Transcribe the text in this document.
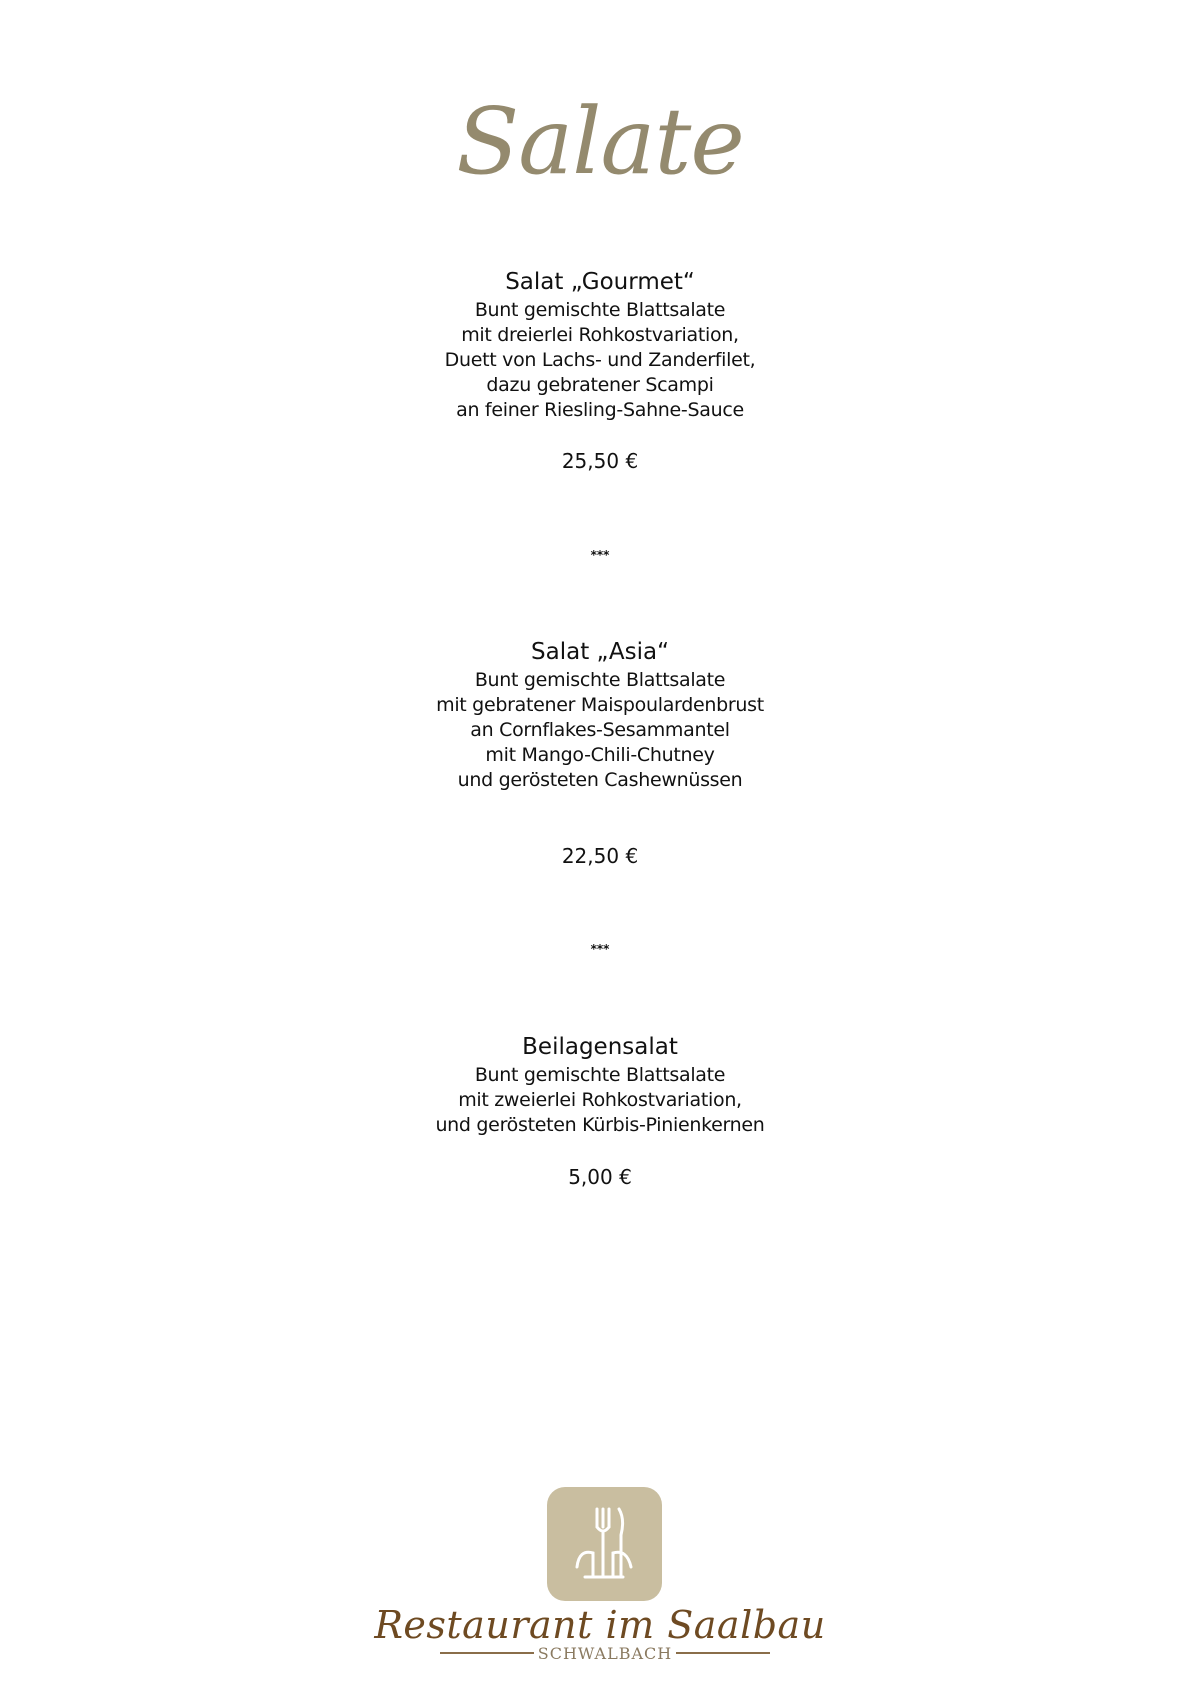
Salate
Salat „Gourmet“
Bunt gemischte Blattsalate
mit dreierlei Rohkostvariation,
Duett von Lachs- und Zanderfilet,
dazu gebratener Scampi
an feiner Riesling-Sahne-Sauce
25,50 €
***
Salat „Asia“
Bunt gemischte Blattsalate
mit gebratener Maispoulardenbrust
an Cornflakes-Sesammantel
mit Mango-Chili-Chutney
und gerösteten Cashewnüssen
22,50 €
***
Beilagensalat
Bunt gemischte Blattsalate
mit zweierlei Rohkostvariation,
und gerösteten Kürbis-Pinienkernen
5,00 €
Restaurant im Saalbau
SCHWALBACH
